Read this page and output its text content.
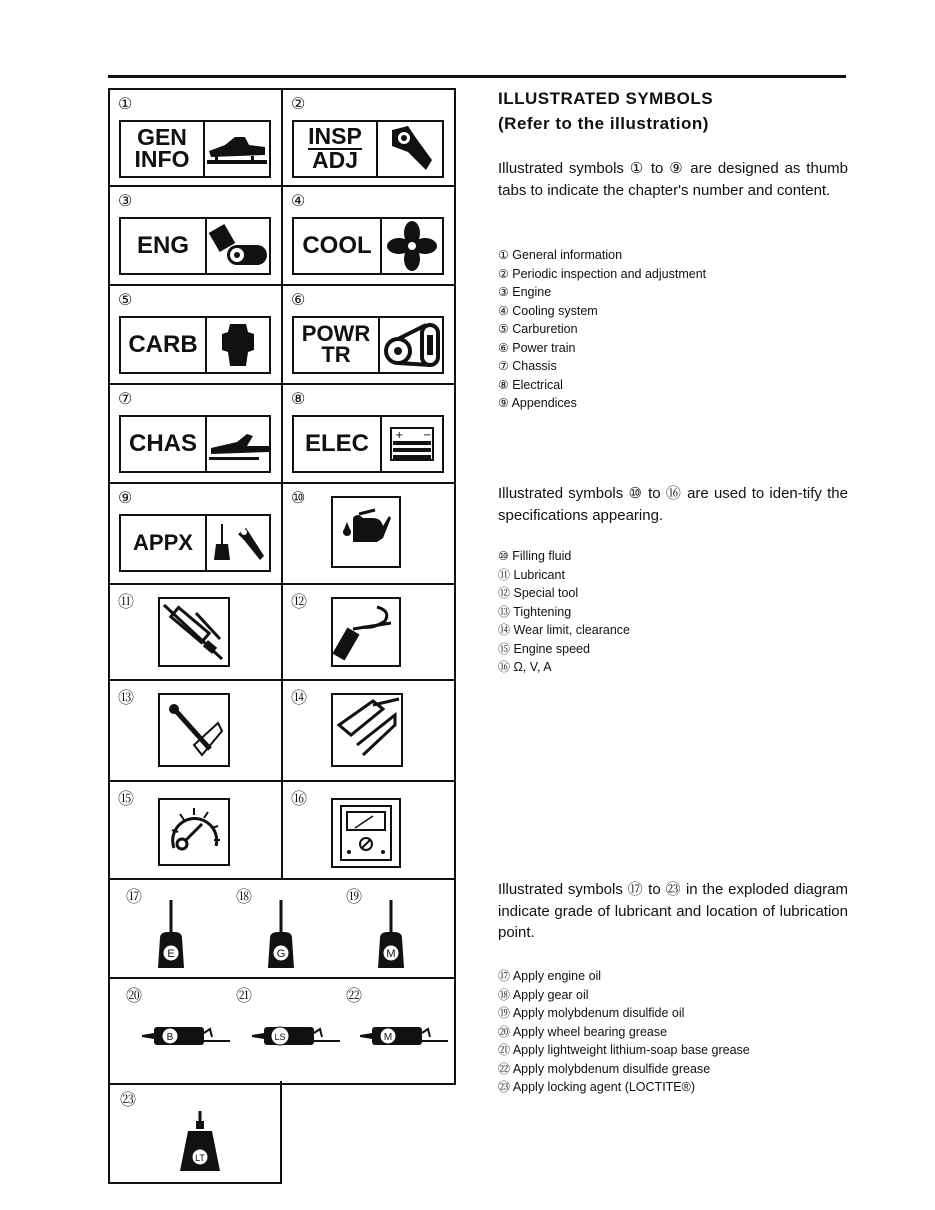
①
GEN
INFO
②
INSP
ADJ
③
ENG
④
COOL
⑤
CARB
⑥
POWR
TR
⑦
CHAS
⑧
ELEC	+ −
⑨
APPX
⑩
⑪	⑫
⑬	⑭
⑮	⑯
⑰	⑱	⑲
E	G	M
⑳	㉑	㉒
B	LS	M
㉓
LT
ILLUSTRATED SYMBOLS
(Refer to the illustration)
Illustrated symbols ① to ⑨ are designed as thumb tabs to indicate the chapter's number and content.
① General information
② Periodic inspection and adjustment
③ Engine
④ Cooling system
⑤ Carburetion
⑥ Power train
⑦ Chassis
⑧ Electrical
⑨ Appendices
Illustrated symbols ⑩ to ⑯ are used to iden-tify the specifications appearing.
⑩ Filling fluid
⑪ Lubricant
⑫ Special tool
⑬ Tightening
⑭ Wear limit, clearance
⑮ Engine speed
⑯ Ω, V, A
Illustrated symbols ⑰ to ㉓ in the exploded diagram indicate grade of lubricant and location of lubrication point.
⑰ Apply engine oil
⑱ Apply gear oil
⑲ Apply molybdenum disulfide oil
⑳ Apply wheel bearing grease
㉑ Apply lightweight lithium-soap base grease
㉒ Apply molybdenum disulfide grease
㉓ Apply locking agent (LOCTITE®)
